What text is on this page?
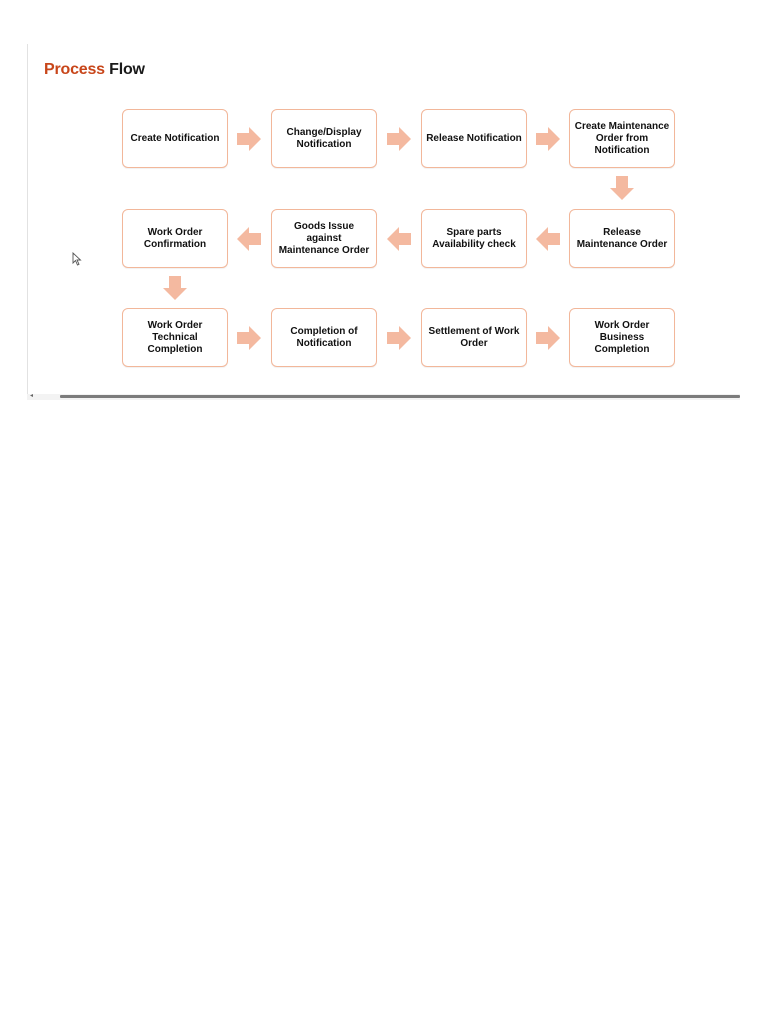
Process Flow
Create Notification
Change/Display Notification
Release Notification
Create Maintenance Order from Notification
Release Maintenance Order
Spare parts Availability check
Goods Issue against Maintenance Order
Work Order Confirmation
Work Order Technical Completion
Completion of Notification
Settlement of Work Order
Work Order Business Completion
◂
